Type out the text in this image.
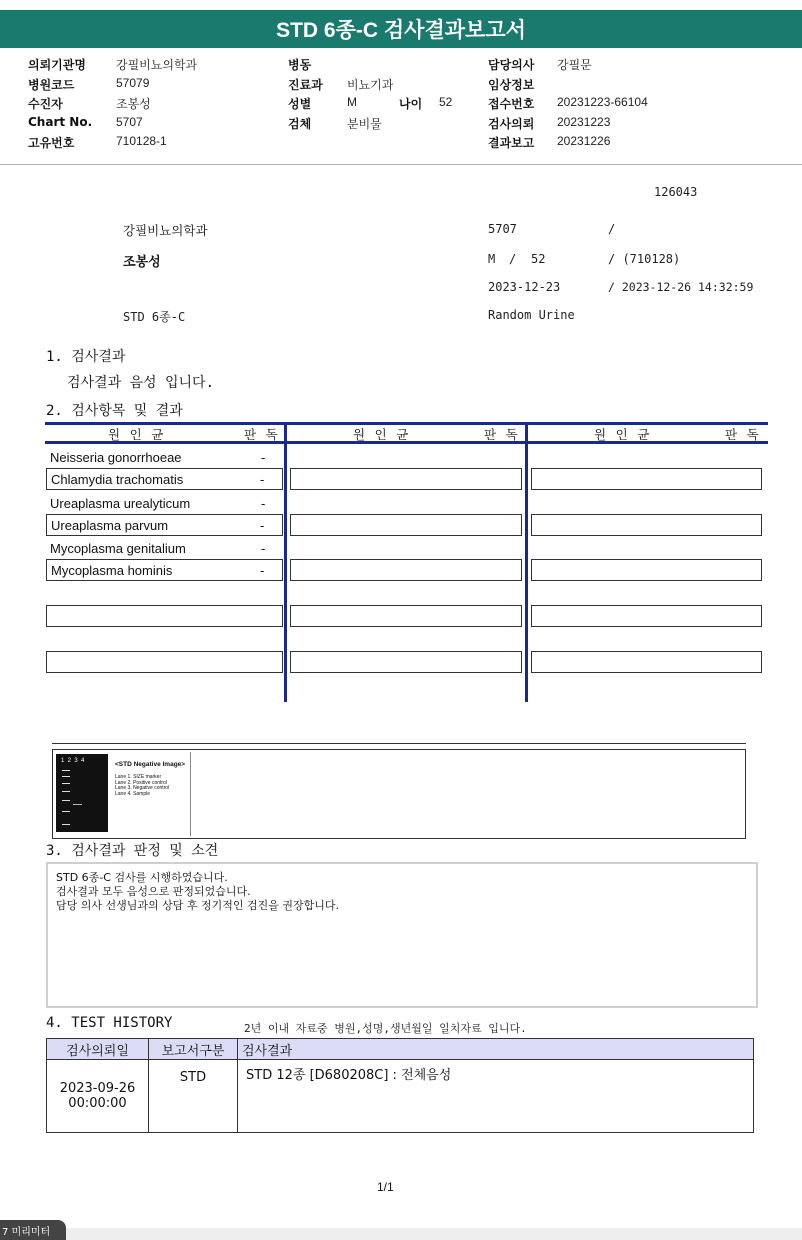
STD 6종-C 검사결과보고서
의뢰기관명	강필비뇨의학과
병원코드	57079
수진자	조봉성
Chart No.	5707
고유번호	710128-1
병동
진료과	비뇨기과
성별	M	나이	52
검체	분비물
담당의사	강필문
임상정보
접수번호	20231223-66104
검사의뢰	20231223
결과보고	20231226
126043
강필비뇨의학과	5707	/
조봉성	M / 52	/ (710128)
2023-12-23	/ 2023-12-26 14:32:59
STD 6종-C	Random Urine
1. 검사결과
검사결과 음성 입니다.
2. 검사항목 및 결과
원 인 균	판 독	원 인 균	판 독	원 인 균	판 독
Neisseria gonorrhoeae	-
Chlamydia trachomatis	-
Ureaplasma urealyticum	-
Ureaplasma parvum	-
Mycoplasma genitalium	-
Mycoplasma hominis	-
1  2  3  4	<STD Negative Image>
Lane 1. SIZE marker
Lane 2. Positive control
Lane 3. Negative control
Lane 4. Sample
3. 검사결과 판정 및 소견
STD 6종-C 검사를 시행하였습니다.
검사결과 모두 음성으로 판정되었습니다.
담당 의사 선생님과의 상담 후 정기적인 검진을 권장합니다.
4. TEST HISTORY	2년 이내 자료중 병원,성명,생년월일 일치자료 입니다.
검사의뢰일	보고서구분	검사결과

2023-09-26
00:00:00	STD	STD 12종 [D680208C] : 전체음성
1/1
7 미리미터
